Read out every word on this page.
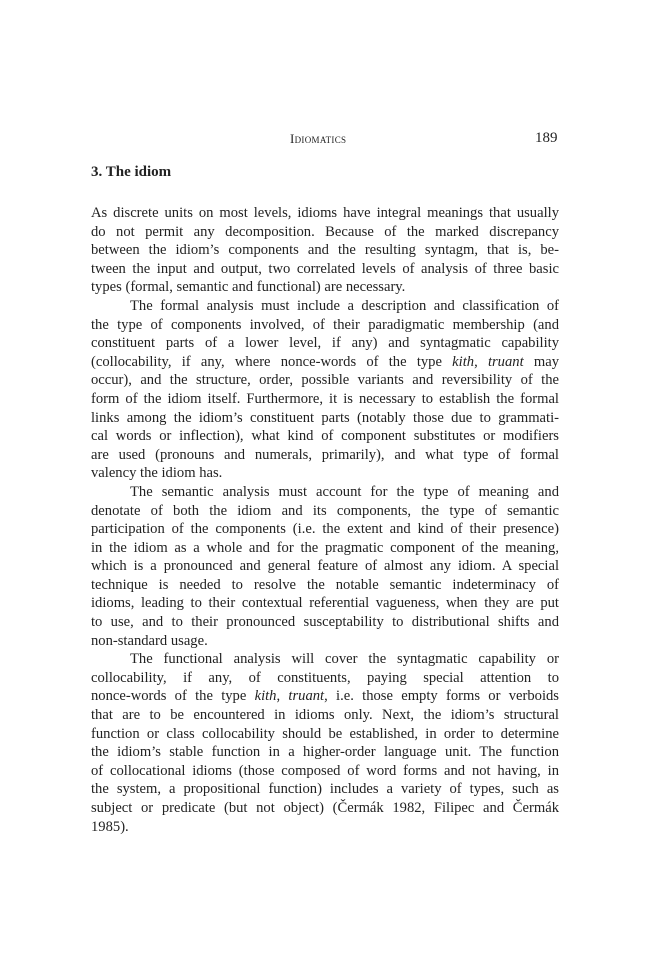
Idiomatics	189
3. The idiom
As discrete units on most levels, idioms have integral meanings that usually
do not permit any decomposition. Because of the marked discrepancy
between the idiom’s components and the resulting syntagm, that is, be-
tween the input and output, two correlated levels of analysis of three basic
types (formal, semantic and functional) are necessary.
The formal analysis must include a description and classification of
the type of components involved, of their paradigmatic membership (and
constituent parts of a lower level, if any) and syntagmatic capability
(collocability, if any, where nonce-words of the type kith, truant may
occur), and the structure, order, possible variants and reversibility of the
form of the idiom itself. Furthermore, it is necessary to establish the formal
links among the idiom’s constituent parts (notably those due to grammati-
cal words or inflection), what kind of component substitutes or modifiers
are used (pronouns and numerals, primarily), and what type of formal
valency the idiom has.
The semantic analysis must account for the type of meaning and
denotate of both the idiom and its components, the type of semantic
participation of the components (i.e. the extent and kind of their presence)
in the idiom as a whole and for the pragmatic component of the meaning,
which is a pronounced and general feature of almost any idiom. A special
technique is needed to resolve the notable semantic indeterminacy of
idioms, leading to their contextual referential vagueness, when they are put
to use, and to their pronounced susceptability to distributional shifts and
non-standard usage.
The functional analysis will cover the syntagmatic capability or
collocability, if any, of constituents, paying special attention to
nonce-words of the type kith, truant, i.e. those empty forms or verboids
that are to be encountered in idioms only. Next, the idiom’s structural
function or class collocability should be established, in order to determine
the idiom’s stable function in a higher-order language unit. The function
of collocational idioms (those composed of word forms and not having, in
the system, a propositional function) includes a variety of types, such as
subject or predicate (but not object) (Čermák 1982, Filipec and Čermák
1985).
